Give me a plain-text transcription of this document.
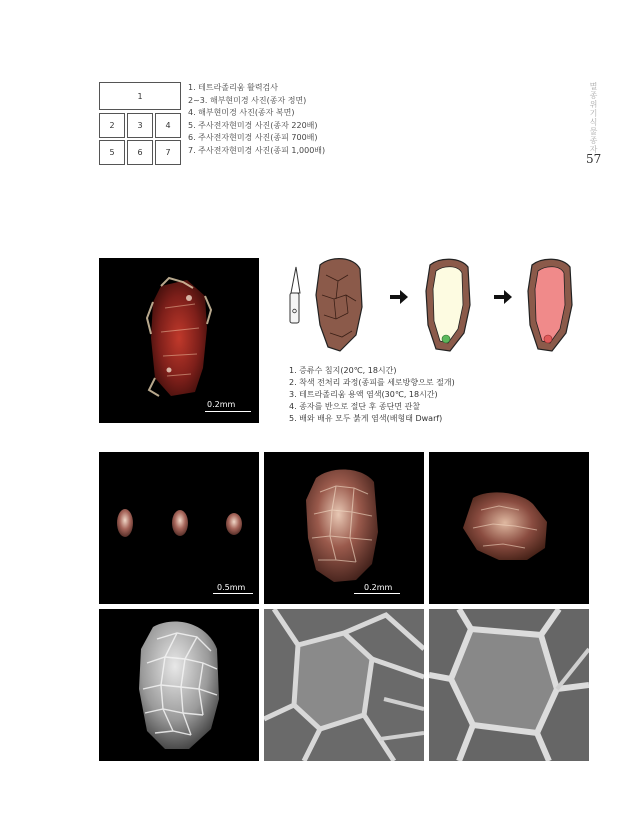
1
2	3	4
5	6	7
1. 테트라졸리움 활력검사
2~3. 해부현미경 사진(종자 정면)
4. 해부현미경 사진(종자 복면)
5. 주사전자현미경 사진(종자 220배)
6. 주사전자현미경 사진(종피 700배)
7. 주사전자현미경 사진(종피 1,000배)	멸종위기식물종자
57
0.2mm
1. 증류수 침지(20℃, 18시간)
2. 착색 전처리 과정(종피를 세로방향으로 절개)
3. 테트라졸리움 용액 염색(30℃, 18시간)
4. 종자를 반으로 절단 후 종단면 관찰
5. 배와 배유 모두 붉게 염색(배형태 Dwarf)
0.5mm	0.2mm
